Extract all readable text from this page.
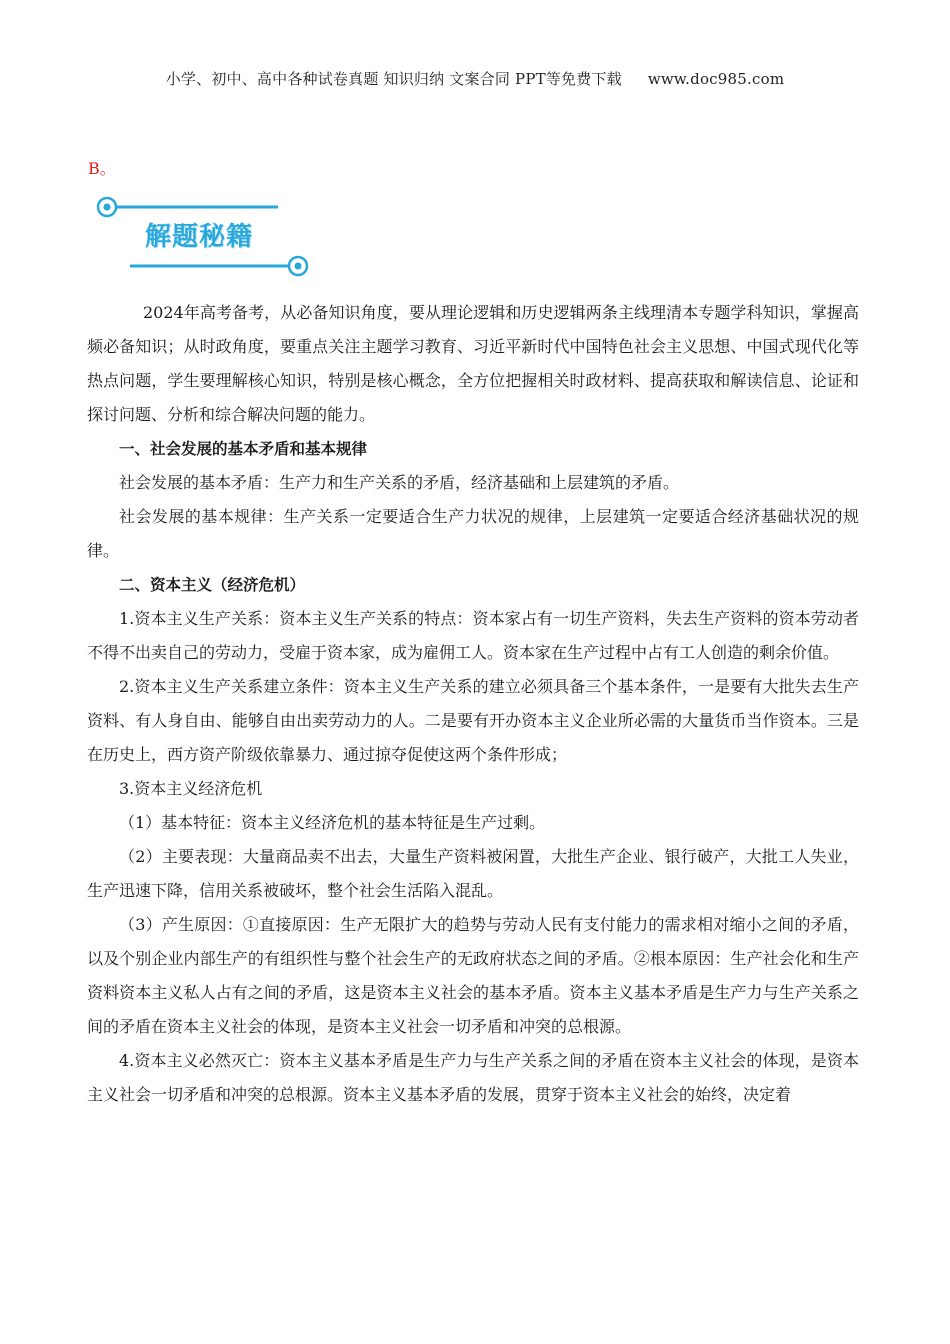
小学、初中、高中各种试卷真题 知识归纳 文案合同 PPT等免费下载 www.doc985.com
B。
解题秘籍

2024年高考备考，从必备知识角度，要从理论逻辑和历史逻辑两条主线理清本专题学科知识，掌握高频必备知识；从时政角度，要重点关注主题学习教育、习近平新时代中国特色社会主义思想、中国式现代化等热点问题，学生要理解核心知识，特别是核心概念，全方位把握相关时政材料、提高获取和解读信息、论证和探讨问题、分析和综合解决问题的能力。

一、社会发展的基本矛盾和基本规律

社会发展的基本矛盾：生产力和生产关系的矛盾，经济基础和上层建筑的矛盾。

社会发展的基本规律：生产关系一定要适合生产力状况的规律，上层建筑一定要适合经济基础状况的规律。

二、资本主义（经济危机）

1.资本主义生产关系：资本主义生产关系的特点：资本家占有一切生产资料，失去生产资料的资本劳动者不得不出卖自己的劳动力，受雇于资本家，成为雇佣工人。资本家在生产过程中占有工人创造的剩余价值。

2.资本主义生产关系建立条件：资本主义生产关系的建立必须具备三个基本条件，一是要有大批失去生产资料、有人身自由、能够自由出卖劳动力的人。二是要有开办资本主义企业所必需的大量货币当作资本。三是在历史上，西方资产阶级依靠暴力、通过掠夺促使这两个条件形成；

3.资本主义经济危机

（1）基本特征：资本主义经济危机的基本特征是生产过剩。

（2）主要表现：大量商品卖不出去，大量生产资料被闲置，大批生产企业、银行破产，大批工人失业，生产迅速下降，信用关系被破坏，整个社会生活陷入混乱。

（3）产生原因：①直接原因：生产无限扩大的趋势与劳动人民有支付能力的需求相对缩小之间的矛盾，以及个别企业内部生产的有组织性与整个社会生产的无政府状态之间的矛盾。②根本原因：生产社会化和生产资料资本主义私人占有之间的矛盾，这是资本主义社会的基本矛盾。资本主义基本矛盾是生产力与生产关系之间的矛盾在资本主义社会的体现，是资本主义社会一切矛盾和冲突的总根源。

4.资本主义必然灭亡：资本主义基本矛盾是生产力与生产关系之间的矛盾在资本主义社会的体现，是资本主义社会一切矛盾和冲突的总根源。资本主义基本矛盾的发展，贯穿于资本主义社会的始终，决定着
